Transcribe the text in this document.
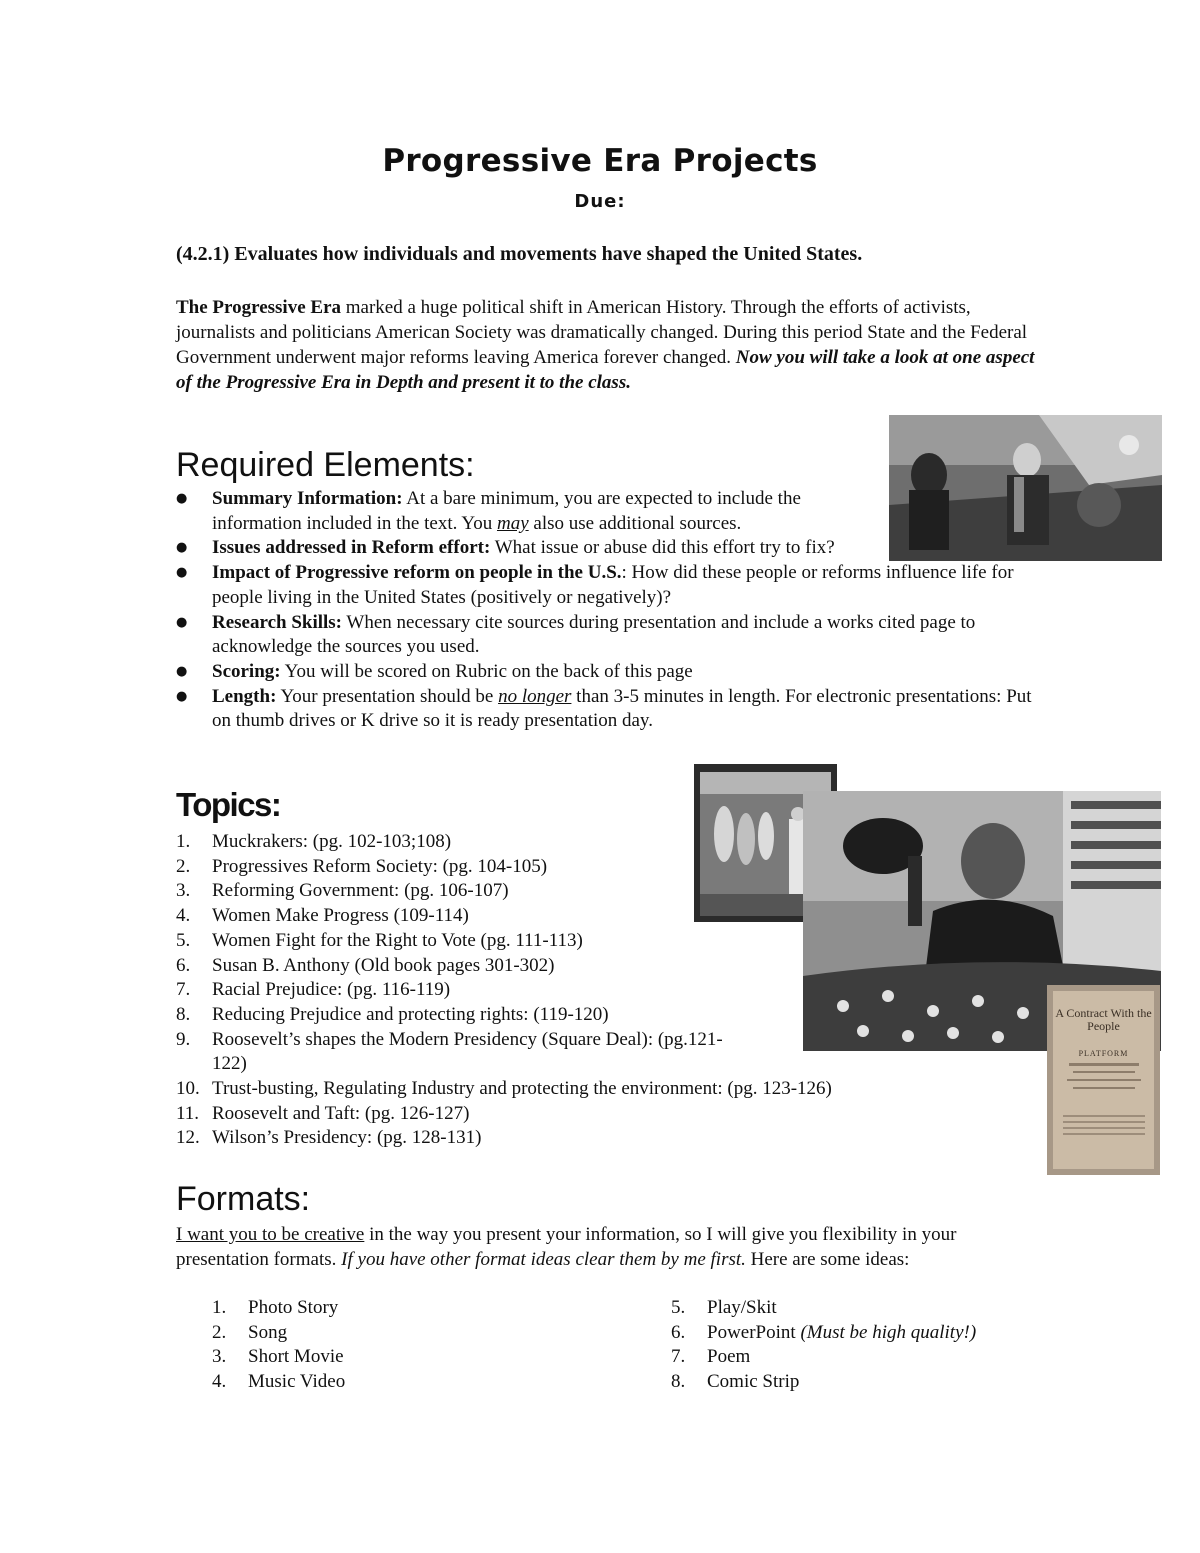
Progressive Era Projects
Due:
(4.2.1) Evaluates how individuals and movements have shaped the United States.
The Progressive Era marked a huge political shift in American History. Through the efforts of activists, journalists and politicians American Society was dramatically changed. During this period State and the Federal Government underwent major reforms leaving America forever changed. Now you will take a look at one aspect of the Progressive Era in Depth and present it to the class.
A Contract With the People
PLATFORM
Required Elements:
● Summary Information: At a bare minimum, you are expected to include the information included in the text. You may also use additional sources.
● Issues addressed in Reform effort: What issue or abuse did this effort try to fix?
● Impact of Progressive reform on people in the U.S.: How did these people or reforms influence life for people living in the United States (positively or negatively)?
● Research Skills: When necessary cite sources during presentation and include a works cited page to acknowledge the sources you used.
● Scoring: You will be scored on Rubric on the back of this page
● Length: Your presentation should be no longer than 3-5 minutes in length. For electronic presentations: Put on thumb drives or K drive so it is ready presentation day.
Topics:
1. Muckrakers: (pg. 102-103;108)
2. Progressives Reform Society: (pg. 104-105)
3. Reforming Government: (pg. 106-107)
4. Women Make Progress (109-114)
5. Women Fight for the Right to Vote (pg. 111-113)
6. Susan B. Anthony (Old book pages 301-302)
7. Racial Prejudice: (pg. 116-119)
8. Reducing Prejudice and protecting rights: (119-120)
9. Roosevelt’s shapes the Modern Presidency (Square Deal): (pg.121-122)
10. Trust-busting, Regulating Industry and protecting the environment: (pg. 123-126)
11. Roosevelt and Taft: (pg. 126-127)
12. Wilson’s Presidency: (pg. 128-131)
Formats:
I want you to be creative in the way you present your information, so I will give you flexibility in your presentation formats. If you have other format ideas clear them by me first. Here are some ideas:
1. Photo Story
2. Song
3. Short Movie
4. Music Video
5. Play/Skit
6. PowerPoint (Must be high quality!)
7. Poem
8. Comic Strip
